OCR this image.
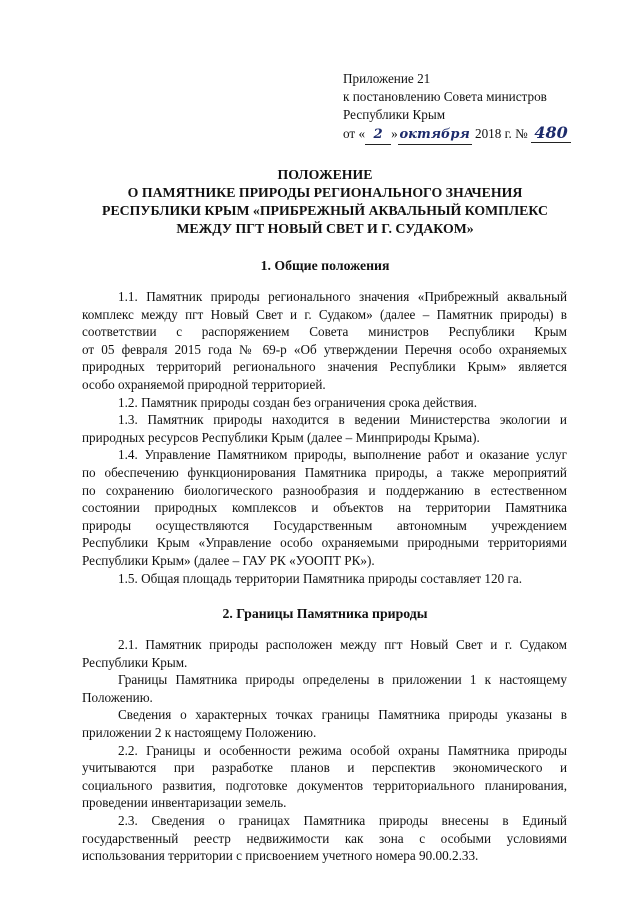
Приложение 21
к постановлению Совета министров
Республики Крым
от « 2 » октября 2018 г. № 480
ПОЛОЖЕНИЕ
О ПАМЯТНИКЕ ПРИРОДЫ РЕГИОНАЛЬНОГО ЗНАЧЕНИЯ
РЕСПУБЛИКИ КРЫМ «ПРИБРЕЖНЫЙ АКВАЛЬНЫЙ КОМПЛЕКС
МЕЖДУ ПГТ НОВЫЙ СВЕТ И Г. СУДАКОМ»
1. Общие положения
1.1. Памятник природы регионального значения «Прибрежный аквальный
комплекс между пгт Новый Свет и г. Судаком» (далее – Памятник природы) в
соответствии с распоряжением Совета министров Республики Крым
от 05 февраля 2015 года № 69-р «Об утверждении Перечня особо охраняемых
природных территорий регионального значения Республики Крым» является
особо охраняемой природной территорией.
1.2. Памятник природы создан без ограничения срока действия.
1.3. Памятник природы находится в ведении Министерства экологии и
природных ресурсов Республики Крым (далее – Минприроды Крыма).
1.4. Управление Памятником природы, выполнение работ и оказание услуг
по обеспечению функционирования Памятника природы, а также мероприятий
по сохранению биологического разнообразия и поддержанию в естественном
состоянии природных комплексов и объектов на территории Памятника
природы осуществляются Государственным автономным учреждением
Республики Крым «Управление особо охраняемыми природными территориями
Республики Крым» (далее – ГАУ РК «УООПТ РК»).
1.5. Общая площадь территории Памятника природы составляет 120 га.
2. Границы Памятника природы
2.1. Памятник природы расположен между пгт Новый Свет и г. Судаком
Республики Крым.
Границы Памятника природы определены в приложении 1 к настоящему
Положению.
Сведения о характерных точках границы Памятника природы указаны в
приложении 2 к настоящему Положению.
2.2. Границы и особенности режима особой охраны Памятника природы
учитываются при разработке планов и перспектив экономического и
социального развития, подготовке документов территориального планирования,
проведении инвентаризации земель.
2.3. Сведения о границах Памятника природы внесены в Единый
государственный реестр недвижимости как зона с особыми условиями
использования территории с присвоением учетного номера 90.00.2.33.
